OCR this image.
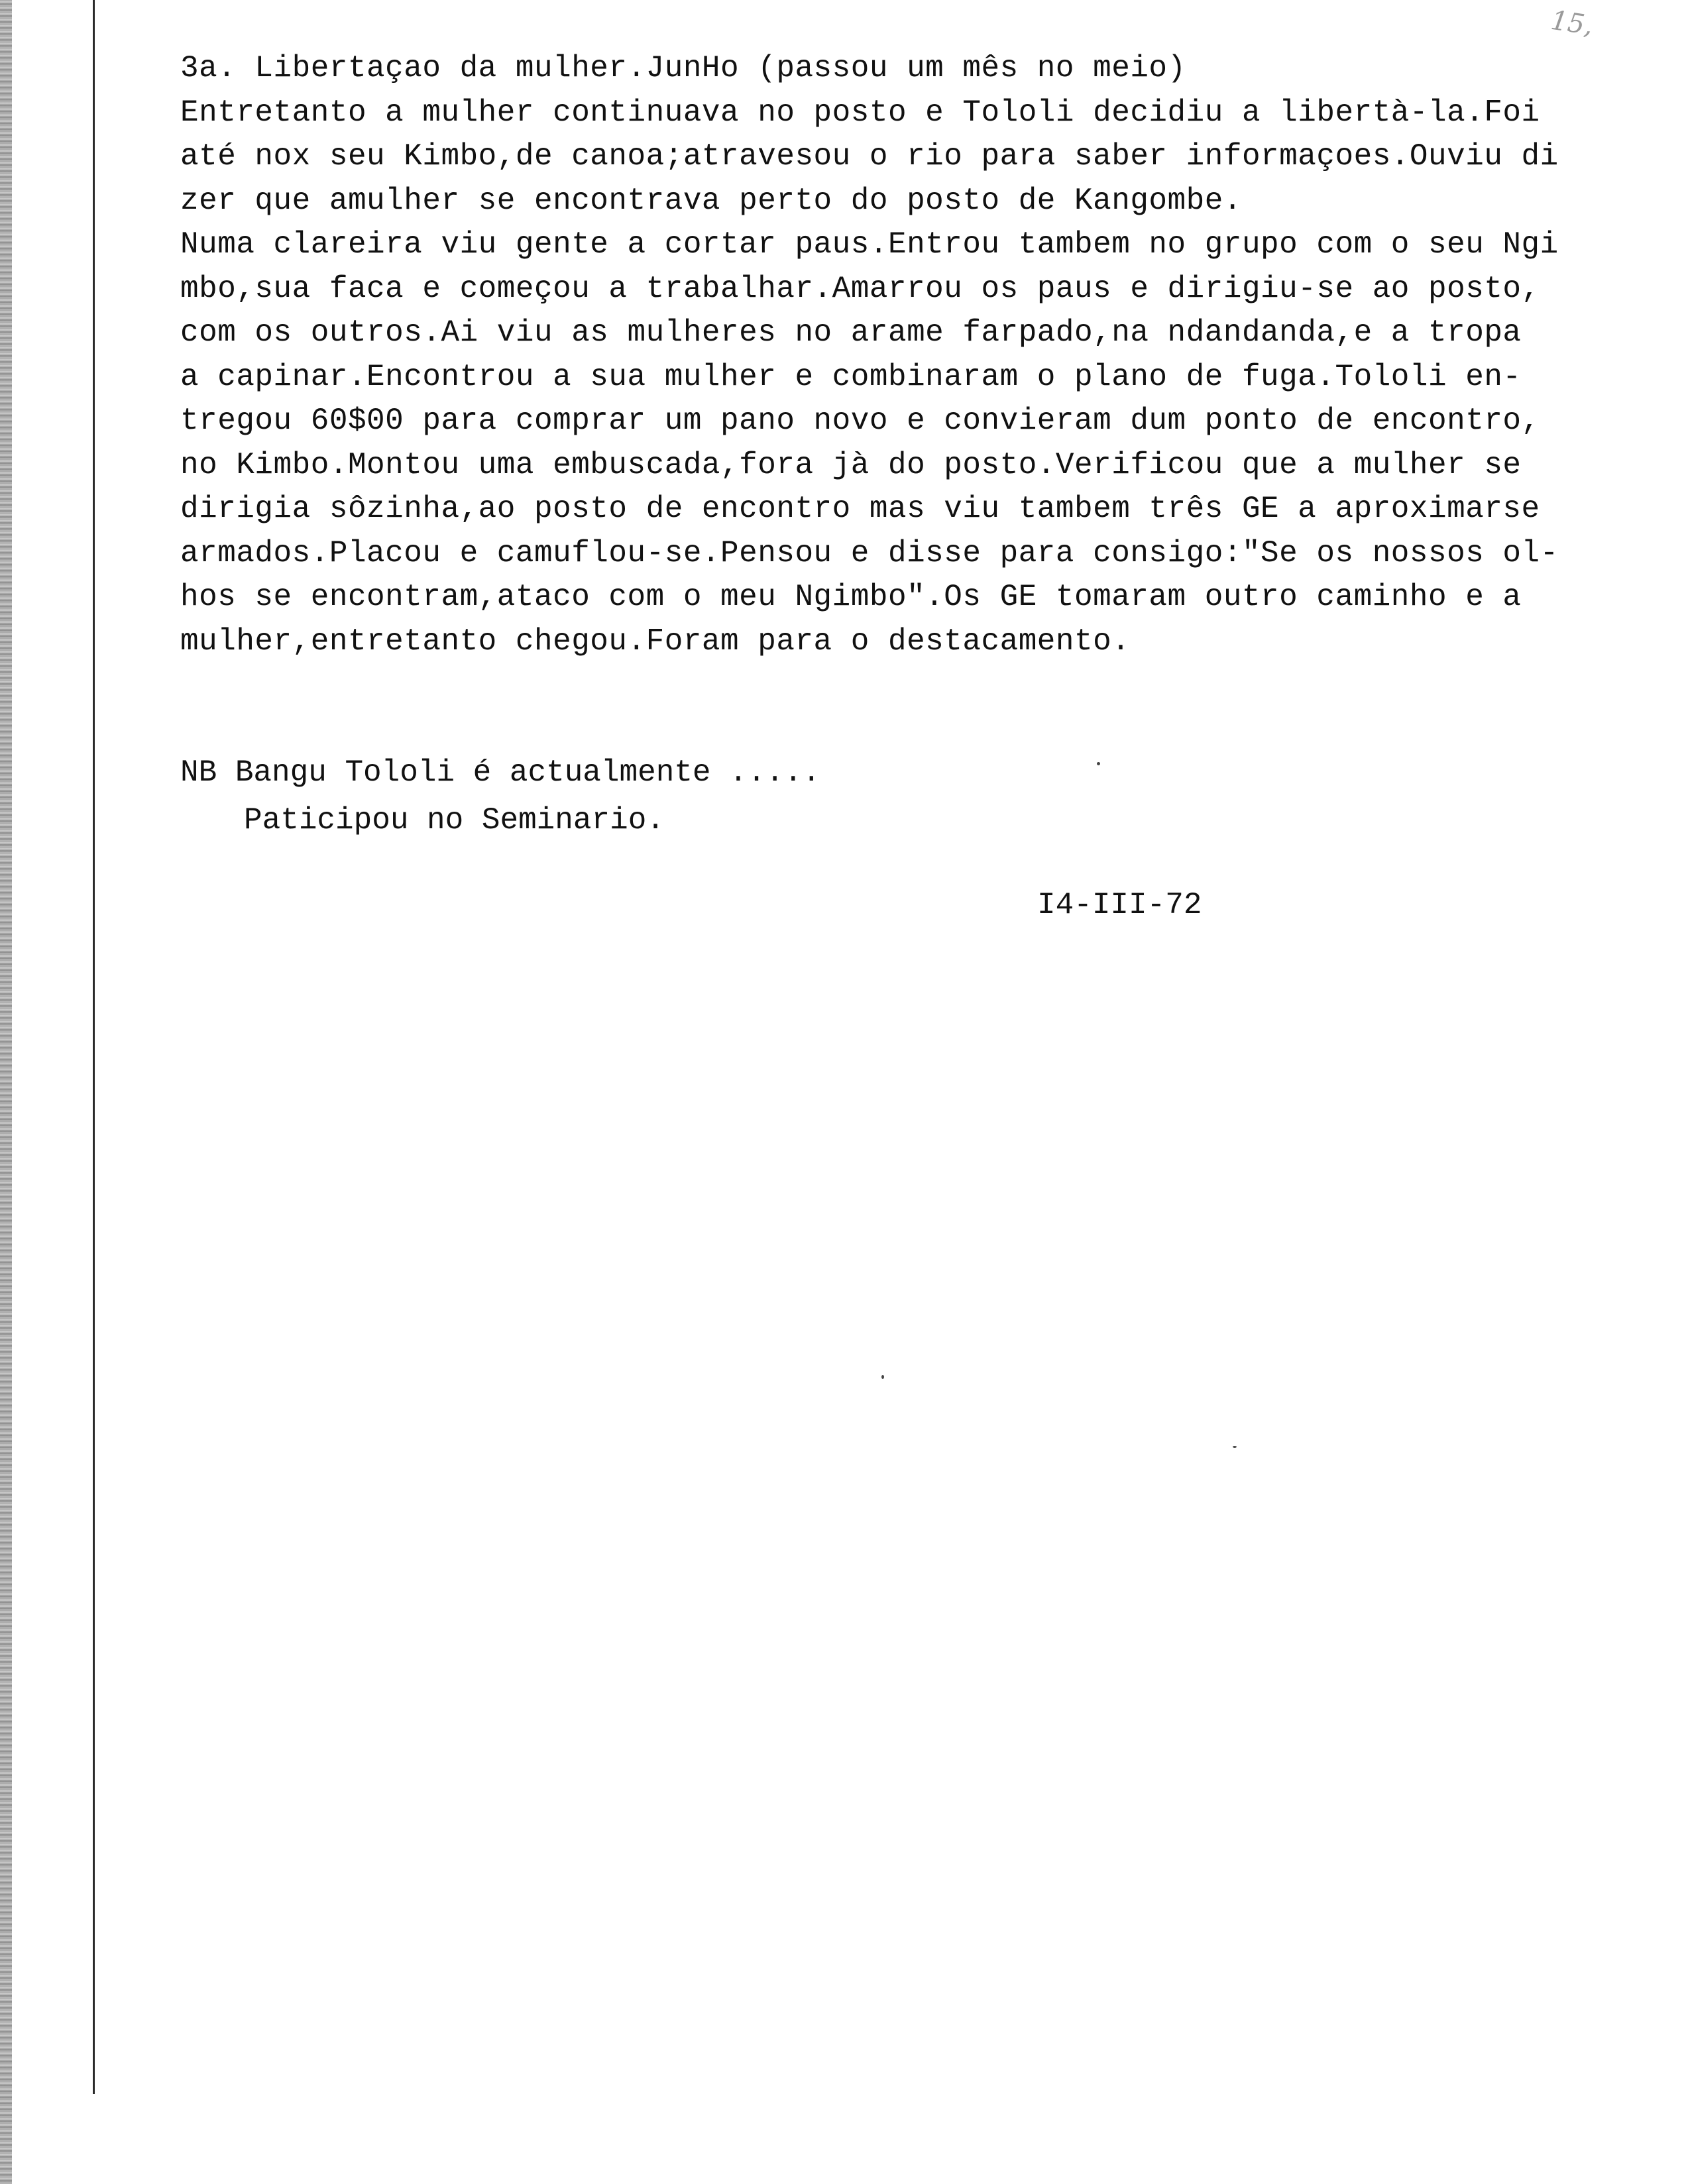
15,
3a. Libertaçao da mulher.JunHo (passou um mês no meio)
Entretanto a mulher continuava no posto e Tololi decidiu a libertà-la.Foi
até nox seu Kimbo,de canoa;atravesou o rio para saber informaçoes.Ouviu di
zer que amulher se encontrava perto do posto de Kangombe.
Numa clareira viu gente a cortar paus.Entrou tambem no grupo com o seu Ngi
mbo,sua faca e começou a trabalhar.Amarrou os paus e dirigiu-se ao posto,
com os outros.Ai viu as mulheres no arame farpado,na ndandanda,e a tropa
a capinar.Encontrou a sua mulher e combinaram o plano de fuga.Tololi en-
tregou 60$00 para comprar um pano novo e convieram dum ponto de encontro,
no Kimbo.Montou uma embuscada,fora jà do posto.Verificou que a mulher se
dirigia sôzinha,ao posto de encontro mas viu tambem três GE a aproximarse
armados.Placou e camuflou-se.Pensou e disse para consigo:"Se os nossos ol-
hos se encontram,ataco com o meu Ngimbo".Os GE tomaram outro caminho e a
mulher,entretanto chegou.Foram para o destacamento.
NB Bangu Tololi é actualmente .....
Paticipou no Seminario.
I4-III-72
